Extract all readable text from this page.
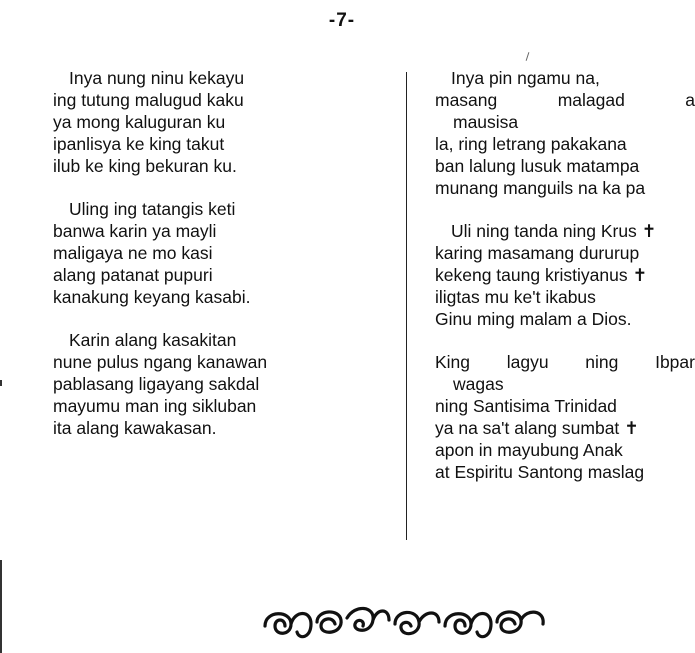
-7-
Inya nung ninu kekayu
ing tutung malugud kaku
ya mong kaluguran ku
ipanlisya ke king takut
ilub ke king bekuran ku.
Uling ing tatangis keti
banwa karin ya mayli
maligaya ne mo kasi
alang patanat pupuri
kanakung keyang kasabi.
Karin alang kasakitan
nune pulus ngang kanawan
pablasang ligayang sakdal
mayumu man ing sikluban
ita alang kawakasan.
Inya pin ngamu na,
masang	malagad	a
mausisa
la, ring letrang pakakana
ban lalung lusuk matampa
munang manguils na ka pa
Uli ning tanda ning Krus ✝
karing masamang dururup
kekeng taung kristiyanus ✝
iligtas mu ke't ikabus
Ginu ming malam a Dios.
King lagyu ning Ibpar
wagas
ning Santisima Trinidad
ya na sa't alang sumbat ✝
apon in mayubung Anak
at Espiritu Santong maslag
